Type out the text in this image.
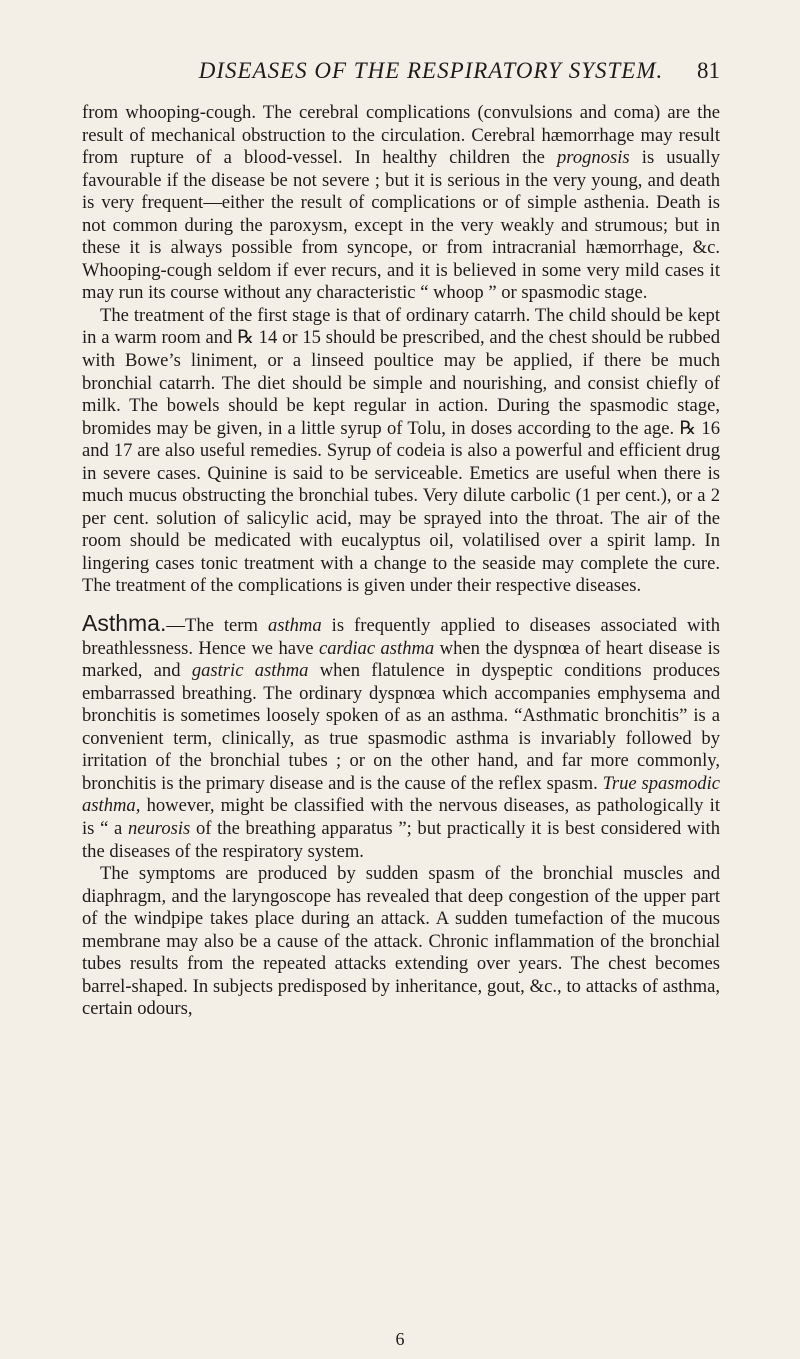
DISEASES OF THE RESPIRATORY SYSTEM.	81

from whooping-cough. The cerebral complications (convulsions and coma) are the result of mechanical obstruction to the circulation. Cerebral hæmorrhage may result from rupture of a blood-vessel. In healthy children the prognosis is usually favourable if the disease be not severe ; but it is serious in the very young, and death is very frequent—either the result of complications or of simple asthenia. Death is not common during the paroxysm, except in the very weakly and strumous; but in these it is always possible from syncope, or from intracranial hæmorrhage, &c. Whooping-cough seldom if ever recurs, and it is believed in some very mild cases it may run its course without any characteristic “ whoop ” or spasmodic stage.

The treatment of the first stage is that of ordinary catarrh. The child should be kept in a warm room and ℞ 14 or 15 should be prescribed, and the chest should be rubbed with Bowe’s liniment, or a linseed poultice may be applied, if there be much bronchial catarrh. The diet should be simple and nourishing, and consist chiefly of milk. The bowels should be kept regular in action. During the spasmodic stage, bromides may be given, in a little syrup of Tolu, in doses according to the age. ℞ 16 and 17 are also useful remedies. Syrup of codeia is also a powerful and efficient drug in severe cases. Quinine is said to be serviceable. Emetics are useful when there is much mucus obstructing the bronchial tubes. Very dilute carbolic (1 per cent.), or a 2 per cent. solution of salicylic acid, may be sprayed into the throat. The air of the room should be medicated with eucalyptus oil, volatilised over a spirit lamp. In lingering cases tonic treatment with a change to the seaside may complete the cure. The treatment of the complications is given under their respective diseases.

Asthma.—The term asthma is frequently applied to diseases associated with breathlessness. Hence we have cardiac asthma when the dyspnœa of heart disease is marked, and gastric asthma when flatulence in dyspeptic conditions produces embarrassed breathing. The ordinary dyspnœa which accompanies emphysema and bronchitis is sometimes loosely spoken of as an asthma. “Asthmatic bronchitis” is a convenient term, clinically, as true spasmodic asthma is invariably followed by irritation of the bronchial tubes ; or on the other hand, and far more commonly, bronchitis is the primary disease and is the cause of the reflex spasm. True spasmodic asthma, however, might be classified with the nervous diseases, as pathologically it is “ a neurosis of the breathing apparatus ”; but practically it is best considered with the diseases of the respiratory system.

The symptoms are produced by sudden spasm of the bronchial muscles and diaphragm, and the laryngoscope has revealed that deep congestion of the upper part of the windpipe takes place during an attack. A sudden tumefaction of the mucous membrane may also be a cause of the attack. Chronic inflammation of the bronchial tubes results from the repeated attacks extending over years. The chest becomes barrel-shaped. In subjects predisposed by inheritance, gout, &c., to attacks of asthma, certain odours,

6
